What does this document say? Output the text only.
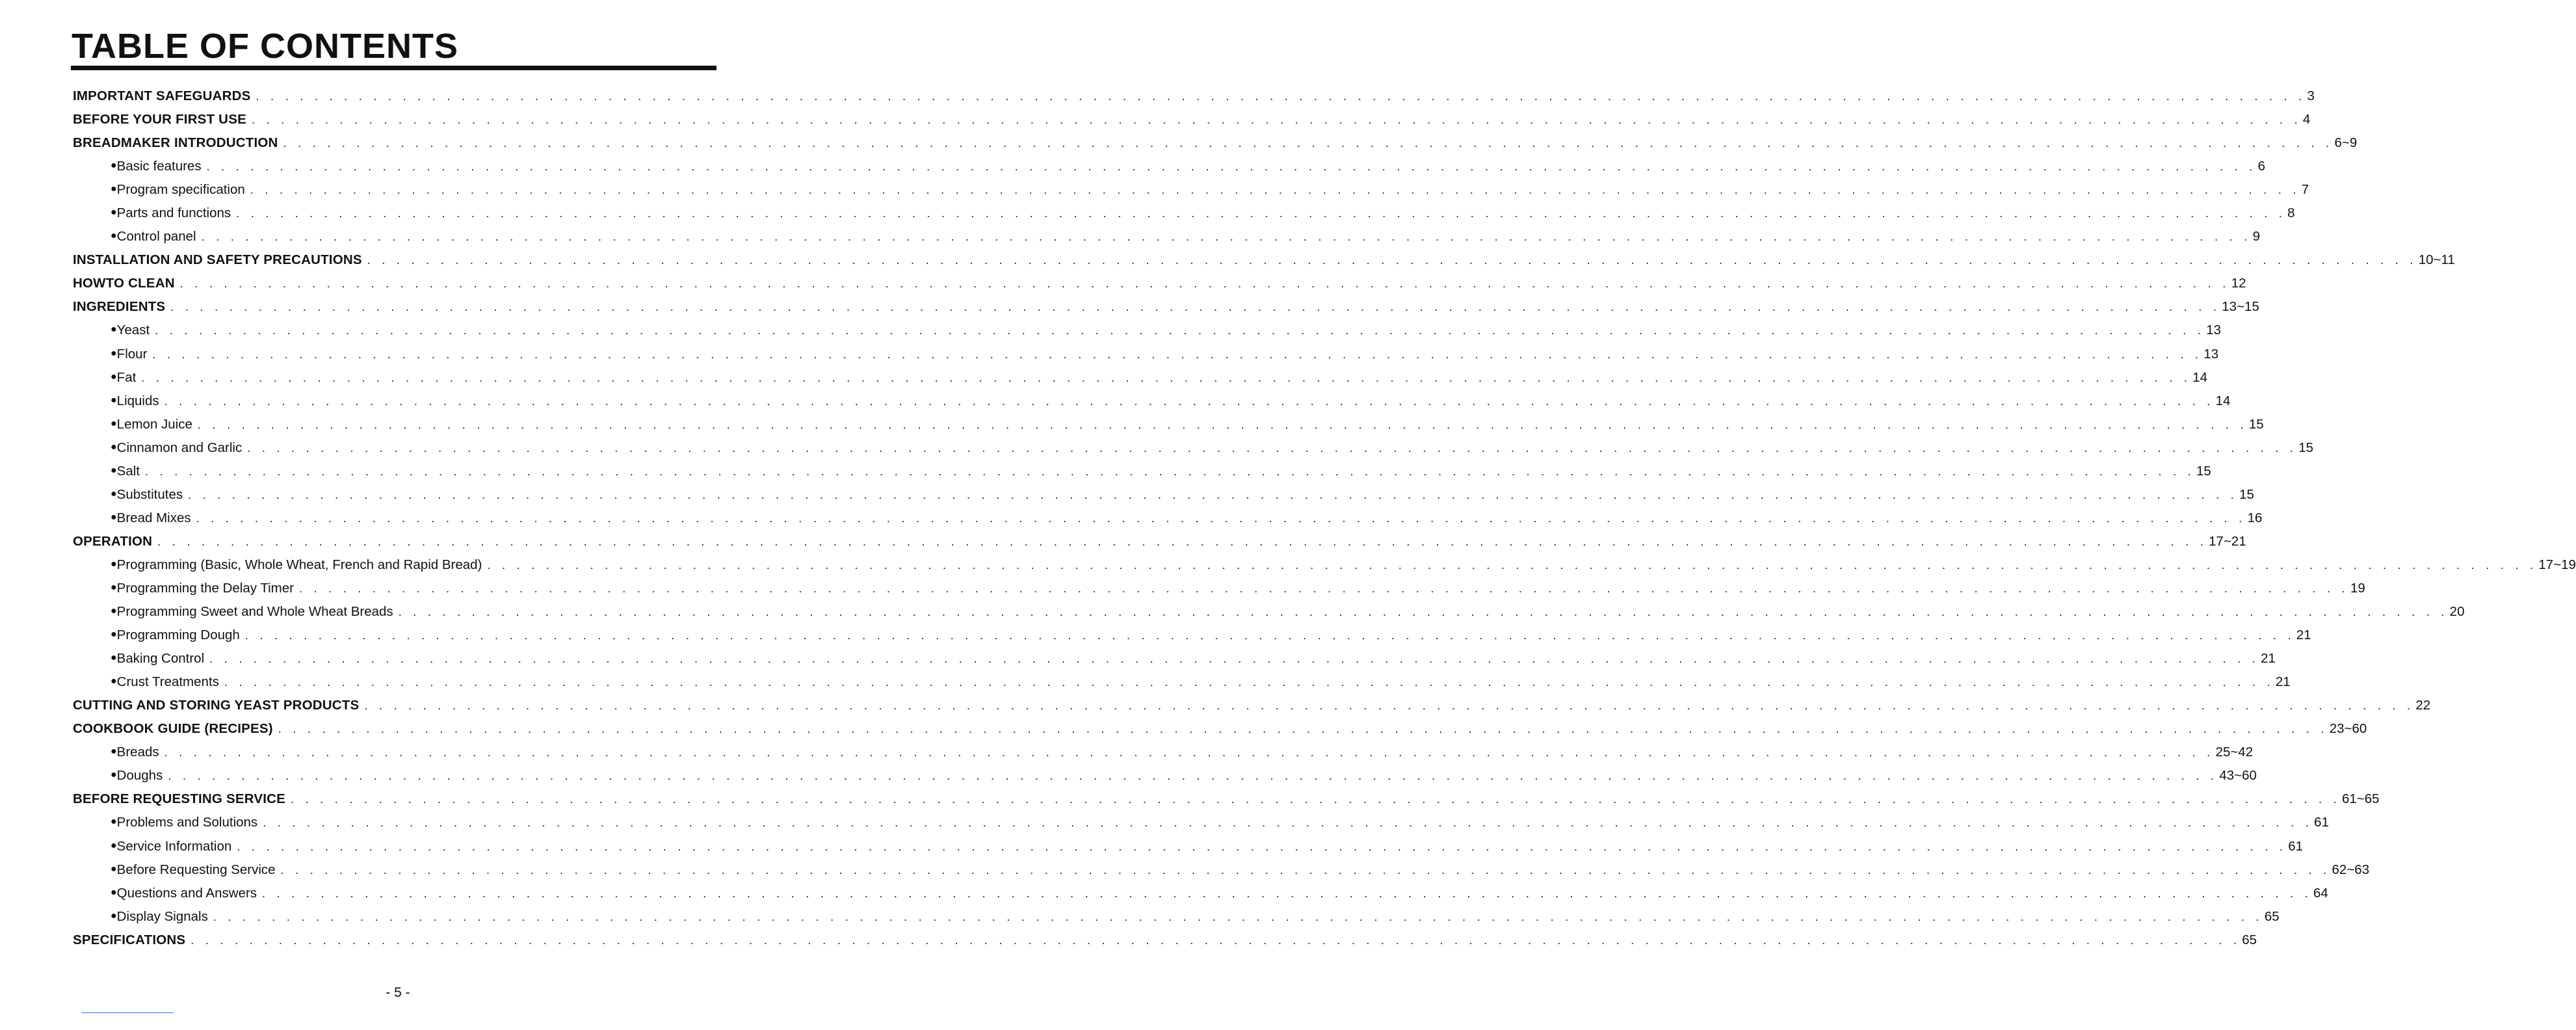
TABLE OF CONTENTS
IMPORTANT SAFEGUARDS . . . . . . . . . . . . . . . . . . . . . . . . . . . . . . . . . . . . . . . . . . . . . . . . . . . . . . . . . . . . . . . . . . . . . . . . . . . . . . . . . . . . . . . . . . . . . . . . . . . . . . . . . . . . . . . . . . . . . . . . . . . . . . . . . . . . . . . . . . . . 3
BEFORE YOUR FIRST USE . . . . . . . . . . . . . . . . . . . . . . . . . . . . . . . . . . . . . . . . . . . . . . . . . . . . . . . . . . . . . . . . . . . . . . . . . . . . . . . . . . . . . . . . . . . . . . . . . . . . . . . . . . . . . . . . . . . . . . . . . . . . . . . . . . . . . . . . . . . . 4
BREADMAKER INTRODUCTION . . . . . . . . . . . . . . . . . . . . . . . . . . . . . . . . . . . . . . . . . . . . . . . . . . . . . . . . . . . . . . . . . . . . . . . . . . . . . . . . . . . . . . . . . . . . . . . . . . . . . . . . . . . . . . . . . . . . . . . . . . . . . . . . . . . . . . . . . . . . 6~9
● Basic features . . . . . . . . . . . . . . . . . . . . . . . . . . . . . . . . . . . . . . . . . . . . . . . . . . . . . . . . . . . . . . . . . . . . . . . . . . . . . . . . . . . . . . . . . . . . . . . . . . . . . . . . . . . . . . . . . . . . . . . . . . . . . . . . . . . . . . . . . . . . 6
● Program specification . . . . . . . . . . . . . . . . . . . . . . . . . . . . . . . . . . . . . . . . . . . . . . . . . . . . . . . . . . . . . . . . . . . . . . . . . . . . . . . . . . . . . . . . . . . . . . . . . . . . . . . . . . . . . . . . . . . . . . . . . . . . . . . . . . . . . . . . . . . . 7
● Parts and functions . . . . . . . . . . . . . . . . . . . . . . . . . . . . . . . . . . . . . . . . . . . . . . . . . . . . . . . . . . . . . . . . . . . . . . . . . . . . . . . . . . . . . . . . . . . . . . . . . . . . . . . . . . . . . . . . . . . . . . . . . . . . . . . . . . . . . . . . . . . . 8
● Control panel . . . . . . . . . . . . . . . . . . . . . . . . . . . . . . . . . . . . . . . . . . . . . . . . . . . . . . . . . . . . . . . . . . . . . . . . . . . . . . . . . . . . . . . . . . . . . . . . . . . . . . . . . . . . . . . . . . . . . . . . . . . . . . . . . . . . . . . . . . . . 9
INSTALLATION AND SAFETY PRECAUTIONS . . . . . . . . . . . . . . . . . . . . . . . . . . . . . . . . . . . . . . . . . . . . . . . . . . . . . . . . . . . . . . . . . . . . . . . . . . . . . . . . . . . . . . . . . . . . . . . . . . . . . . . . . . . . . . . . . . . . . . . . . . . . . . . . . . . . . . . . . . . . 10~11
HOWTO CLEAN . . . . . . . . . . . . . . . . . . . . . . . . . . . . . . . . . . . . . . . . . . . . . . . . . . . . . . . . . . . . . . . . . . . . . . . . . . . . . . . . . . . . . . . . . . . . . . . . . . . . . . . . . . . . . . . . . . . . . . . . . . . . . . . . . . . . . . . . . . . . 12
INGREDIENTS . . . . . . . . . . . . . . . . . . . . . . . . . . . . . . . . . . . . . . . . . . . . . . . . . . . . . . . . . . . . . . . . . . . . . . . . . . . . . . . . . . . . . . . . . . . . . . . . . . . . . . . . . . . . . . . . . . . . . . . . . . . . . . . . . . . . . . . . . . . . 13~15
● Yeast . . . . . . . . . . . . . . . . . . . . . . . . . . . . . . . . . . . . . . . . . . . . . . . . . . . . . . . . . . . . . . . . . . . . . . . . . . . . . . . . . . . . . . . . . . . . . . . . . . . . . . . . . . . . . . . . . . . . . . . . . . . . . . . . . . . . . . . . . . . . 13
● Flour . . . . . . . . . . . . . . . . . . . . . . . . . . . . . . . . . . . . . . . . . . . . . . . . . . . . . . . . . . . . . . . . . . . . . . . . . . . . . . . . . . . . . . . . . . . . . . . . . . . . . . . . . . . . . . . . . . . . . . . . . . . . . . . . . . . . . . . . . . . . 13
● Fat . . . . . . . . . . . . . . . . . . . . . . . . . . . . . . . . . . . . . . . . . . . . . . . . . . . . . . . . . . . . . . . . . . . . . . . . . . . . . . . . . . . . . . . . . . . . . . . . . . . . . . . . . . . . . . . . . . . . . . . . . . . . . . . . . . . . . . . . . . . . 14
● Liquids . . . . . . . . . . . . . . . . . . . . . . . . . . . . . . . . . . . . . . . . . . . . . . . . . . . . . . . . . . . . . . . . . . . . . . . . . . . . . . . . . . . . . . . . . . . . . . . . . . . . . . . . . . . . . . . . . . . . . . . . . . . . . . . . . . . . . . . . . . . . 14
● Lemon Juice . . . . . . . . . . . . . . . . . . . . . . . . . . . . . . . . . . . . . . . . . . . . . . . . . . . . . . . . . . . . . . . . . . . . . . . . . . . . . . . . . . . . . . . . . . . . . . . . . . . . . . . . . . . . . . . . . . . . . . . . . . . . . . . . . . . . . . . . . . . . 15
● Cinnamon and Garlic . . . . . . . . . . . . . . . . . . . . . . . . . . . . . . . . . . . . . . . . . . . . . . . . . . . . . . . . . . . . . . . . . . . . . . . . . . . . . . . . . . . . . . . . . . . . . . . . . . . . . . . . . . . . . . . . . . . . . . . . . . . . . . . . . . . . . . . . . . . . 15
● Salt . . . . . . . . . . . . . . . . . . . . . . . . . . . . . . . . . . . . . . . . . . . . . . . . . . . . . . . . . . . . . . . . . . . . . . . . . . . . . . . . . . . . . . . . . . . . . . . . . . . . . . . . . . . . . . . . . . . . . . . . . . . . . . . . . . . . . . . . . . . . 15
● Substitutes . . . . . . . . . . . . . . . . . . . . . . . . . . . . . . . . . . . . . . . . . . . . . . . . . . . . . . . . . . . . . . . . . . . . . . . . . . . . . . . . . . . . . . . . . . . . . . . . . . . . . . . . . . . . . . . . . . . . . . . . . . . . . . . . . . . . . . . . . . . . 15
● Bread Mixes . . . . . . . . . . . . . . . . . . . . . . . . . . . . . . . . . . . . . . . . . . . . . . . . . . . . . . . . . . . . . . . . . . . . . . . . . . . . . . . . . . . . . . . . . . . . . . . . . . . . . . . . . . . . . . . . . . . . . . . . . . . . . . . . . . . . . . . . . . . . 16
OPERATION . . . . . . . . . . . . . . . . . . . . . . . . . . . . . . . . . . . . . . . . . . . . . . . . . . . . . . . . . . . . . . . . . . . . . . . . . . . . . . . . . . . . . . . . . . . . . . . . . . . . . . . . . . . . . . . . . . . . . . . . . . . . . . . . . . . . . . . . . . . . 17~21
● Programming (Basic, Whole Wheat, French and Rapid Bread) . . . . . . . . . . . . . . . . . . . . . . . . . . . . . . . . . . . . . . . . . . . . . . . . . . . . . . . . . . . . . . . . . . . . . . . . . . . . . . . . . . . . . . . . . . . . . . . . . . . . . . . . . . . . . . . . . . . . . . . . . . . . . . . . . . . . . . . . . . . . 17~19
● Programming the Delay Timer . . . . . . . . . . . . . . . . . . . . . . . . . . . . . . . . . . . . . . . . . . . . . . . . . . . . . . . . . . . . . . . . . . . . . . . . . . . . . . . . . . . . . . . . . . . . . . . . . . . . . . . . . . . . . . . . . . . . . . . . . . . . . . . . . . . . . . . . . . . . 19
● Programming Sweet and Whole Wheat Breads . . . . . . . . . . . . . . . . . . . . . . . . . . . . . . . . . . . . . . . . . . . . . . . . . . . . . . . . . . . . . . . . . . . . . . . . . . . . . . . . . . . . . . . . . . . . . . . . . . . . . . . . . . . . . . . . . . . . . . . . . . . . . . . . . . . . . . . . . . . . 20
● Programming Dough . . . . . . . . . . . . . . . . . . . . . . . . . . . . . . . . . . . . . . . . . . . . . . . . . . . . . . . . . . . . . . . . . . . . . . . . . . . . . . . . . . . . . . . . . . . . . . . . . . . . . . . . . . . . . . . . . . . . . . . . . . . . . . . . . . . . . . . . . . . . 21
● Baking Control . . . . . . . . . . . . . . . . . . . . . . . . . . . . . . . . . . . . . . . . . . . . . . . . . . . . . . . . . . . . . . . . . . . . . . . . . . . . . . . . . . . . . . . . . . . . . . . . . . . . . . . . . . . . . . . . . . . . . . . . . . . . . . . . . . . . . . . . . . . . 21
● Crust Treatments . . . . . . . . . . . . . . . . . . . . . . . . . . . . . . . . . . . . . . . . . . . . . . . . . . . . . . . . . . . . . . . . . . . . . . . . . . . . . . . . . . . . . . . . . . . . . . . . . . . . . . . . . . . . . . . . . . . . . . . . . . . . . . . . . . . . . . . . . . . . 21
CUTTING AND STORING YEAST PRODUCTS . . . . . . . . . . . . . . . . . . . . . . . . . . . . . . . . . . . . . . . . . . . . . . . . . . . . . . . . . . . . . . . . . . . . . . . . . . . . . . . . . . . . . . . . . . . . . . . . . . . . . . . . . . . . . . . . . . . . . . . . . . . . . . . . . . . . . . . . . . . . 22
COOKBOOK GUIDE (RECIPES) . . . . . . . . . . . . . . . . . . . . . . . . . . . . . . . . . . . . . . . . . . . . . . . . . . . . . . . . . . . . . . . . . . . . . . . . . . . . . . . . . . . . . . . . . . . . . . . . . . . . . . . . . . . . . . . . . . . . . . . . . . . . . . . . . . . . . . . . . . . . 23~60
● Breads . . . . . . . . . . . . . . . . . . . . . . . . . . . . . . . . . . . . . . . . . . . . . . . . . . . . . . . . . . . . . . . . . . . . . . . . . . . . . . . . . . . . . . . . . . . . . . . . . . . . . . . . . . . . . . . . . . . . . . . . . . . . . . . . . . . . . . . . . . . . 25~42
● Doughs . . . . . . . . . . . . . . . . . . . . . . . . . . . . . . . . . . . . . . . . . . . . . . . . . . . . . . . . . . . . . . . . . . . . . . . . . . . . . . . . . . . . . . . . . . . . . . . . . . . . . . . . . . . . . . . . . . . . . . . . . . . . . . . . . . . . . . . . . . . . 43~60
BEFORE REQUESTING SERVICE . . . . . . . . . . . . . . . . . . . . . . . . . . . . . . . . . . . . . . . . . . . . . . . . . . . . . . . . . . . . . . . . . . . . . . . . . . . . . . . . . . . . . . . . . . . . . . . . . . . . . . . . . . . . . . . . . . . . . . . . . . . . . . . . . . . . . . . . . . . . 61~65
● Problems and Solutions . . . . . . . . . . . . . . . . . . . . . . . . . . . . . . . . . . . . . . . . . . . . . . . . . . . . . . . . . . . . . . . . . . . . . . . . . . . . . . . . . . . . . . . . . . . . . . . . . . . . . . . . . . . . . . . . . . . . . . . . . . . . . . . . . . . . . . . . . . . . 61
● Service Information . . . . . . . . . . . . . . . . . . . . . . . . . . . . . . . . . . . . . . . . . . . . . . . . . . . . . . . . . . . . . . . . . . . . . . . . . . . . . . . . . . . . . . . . . . . . . . . . . . . . . . . . . . . . . . . . . . . . . . . . . . . . . . . . . . . . . . . . . . . . 61
● Before Requesting Service . . . . . . . . . . . . . . . . . . . . . . . . . . . . . . . . . . . . . . . . . . . . . . . . . . . . . . . . . . . . . . . . . . . . . . . . . . . . . . . . . . . . . . . . . . . . . . . . . . . . . . . . . . . . . . . . . . . . . . . . . . . . . . . . . . . . . . . . . . . . 62~63
● Questions and Answers . . . . . . . . . . . . . . . . . . . . . . . . . . . . . . . . . . . . . . . . . . . . . . . . . . . . . . . . . . . . . . . . . . . . . . . . . . . . . . . . . . . . . . . . . . . . . . . . . . . . . . . . . . . . . . . . . . . . . . . . . . . . . . . . . . . . . . . . . . . . 64
● Display Signals . . . . . . . . . . . . . . . . . . . . . . . . . . . . . . . . . . . . . . . . . . . . . . . . . . . . . . . . . . . . . . . . . . . . . . . . . . . . . . . . . . . . . . . . . . . . . . . . . . . . . . . . . . . . . . . . . . . . . . . . . . . . . . . . . . . . . . . . . . . . 65
SPECIFICATIONS . . . . . . . . . . . . . . . . . . . . . . . . . . . . . . . . . . . . . . . . . . . . . . . . . . . . . . . . . . . . . . . . . . . . . . . . . . . . . . . . . . . . . . . . . . . . . . . . . . . . . . . . . . . . . . . . . . . . . . . . . . . . . . . . . . . . . . . . . . . . 65
- 5 -
